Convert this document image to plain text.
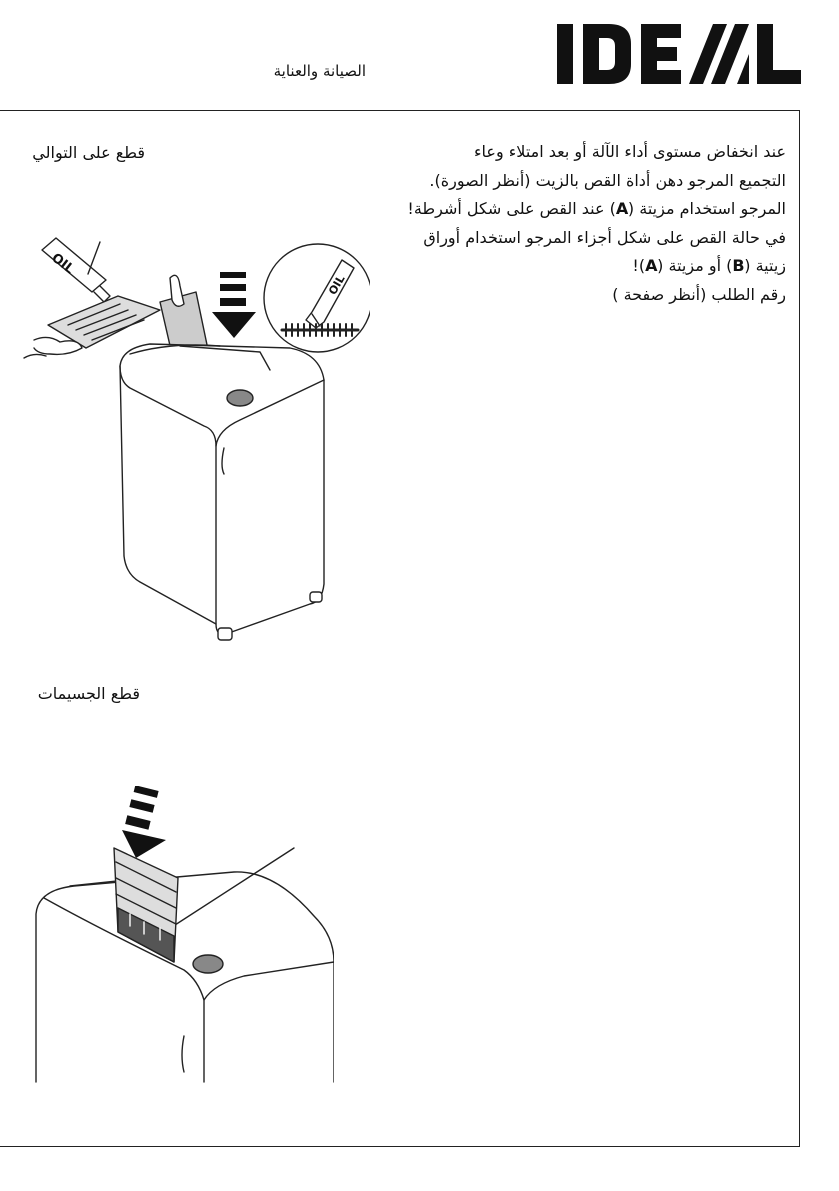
الصيانة والعناية
قطع على التوالي
قطع الجسيمات
عند انخفاض مستوى أداء الآلة أو بعد امتلاء وعاء
التجميع المرجو دهن أداة القص بالزيت (أنظر الصورة).
المرجو استخدام مزيتة (A) عند القص على شكل أشرطة!
في حالة القص على شكل أجزاء المرجو استخدام أوراق
زيتية (B) أو مزيتة (A)!
رقم الطلب (أنظر صفحة )
OIL
OIL
